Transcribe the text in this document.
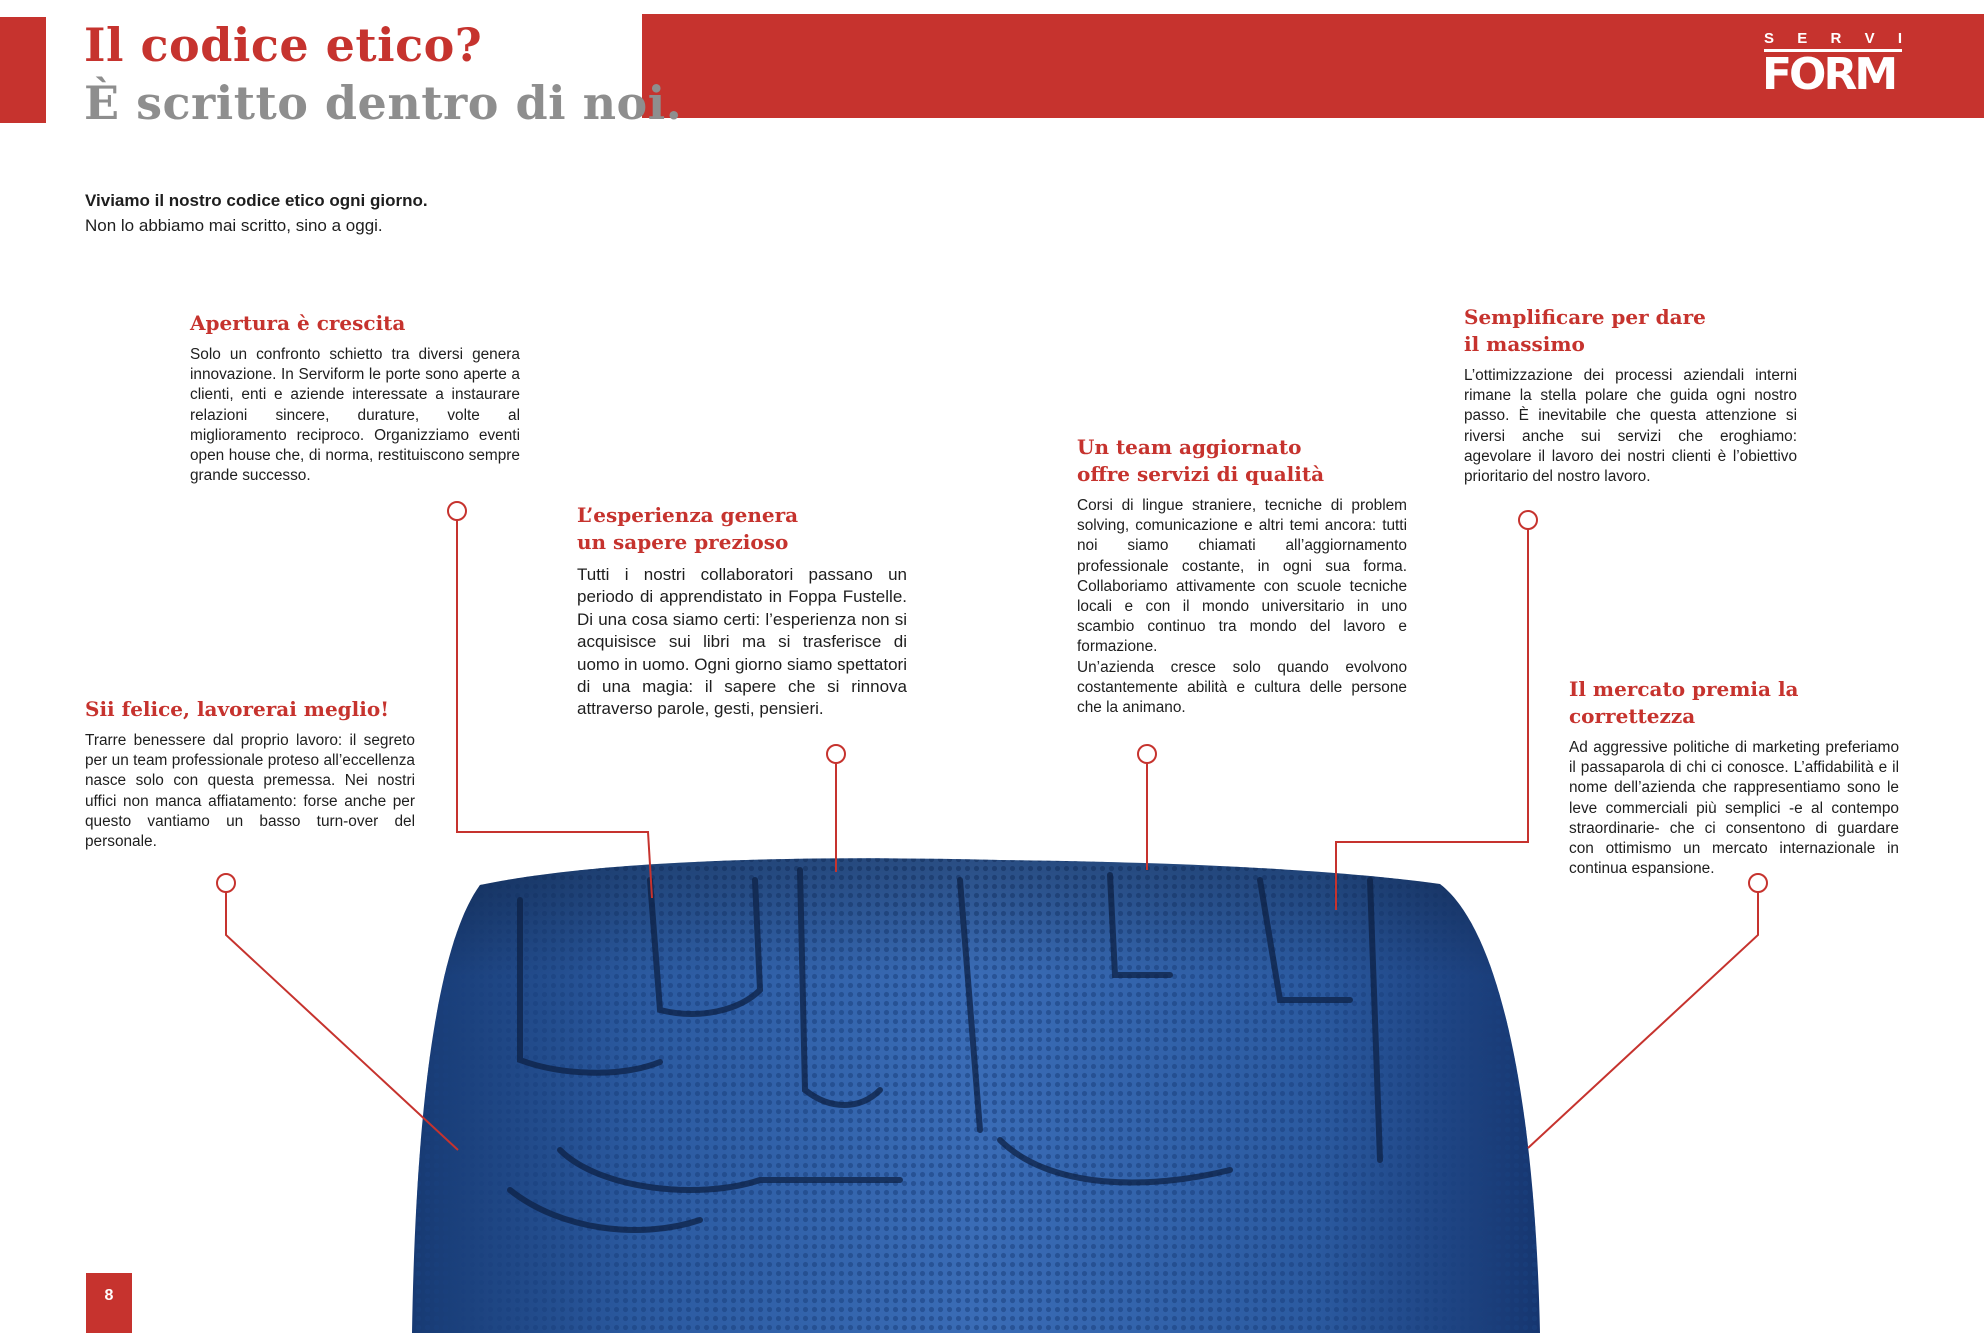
Il codice etico?
È scritto dentro di noi.
S E R V I
FORM
Viviamo il nostro codice etico ogni giorno.
Non lo abbiamo mai scritto, sino a oggi.
Apertura è crescita

Solo un confronto schietto tra diversi genera innovazione. In Serviform le porte sono aperte a clienti, enti e aziende interessate a instaurare relazioni sincere, durature, volte al miglioramento reciproco. Organizziamo eventi open house che, di norma, restituiscono sempre grande successo.

L’esperienza genera
un sapere prezioso

Tutti i nostri collaboratori passano un periodo di apprendistato in Foppa Fustelle. Di una cosa siamo certi: l’esperienza non si acquisisce sui libri ma si trasferisce di uomo in uomo. Ogni giorno siamo spettatori di una magia: il sapere che si rinnova attraverso parole, gesti, pensieri.

Un team aggiornato
offre servizi di qualità

Corsi di lingue straniere, tecniche di problem solving, comunicazione e altri temi ancora: tutti noi siamo chiamati all’aggiornamento professionale costante, in ogni sua forma. Collaboriamo attivamente con scuole tecniche locali e con il mondo universitario in uno scambio continuo tra mondo del lavoro e formazione.

Un’azienda cresce solo quando evolvono costantemente abilità e cultura delle persone che la animano.

Semplificare per dare
il massimo

L’ottimizzazione dei processi aziendali interni rimane la stella polare che guida ogni nostro passo. È inevitabile che questa attenzione si riversi anche sui servizi che eroghiamo: agevolare il lavoro dei nostri clienti è l’obiettivo prioritario del nostro lavoro.

Sii felice, lavorerai meglio!

Trarre benessere dal proprio lavoro: il segreto per un team professionale proteso all’eccellenza nasce solo con questa premessa. Nei nostri uffici non manca affiatamento: forse anche per questo vantiamo un basso turn-over del personale.

Il mercato premia la correttezza

Ad aggressive politiche di marketing preferiamo il passaparola di chi ci conosce. L’affidabilità e il nome dell’azienda che rappresentiamo sono le leve commerciali più semplici -e al contempo straordinarie- che ci consentono di guardare con ottimismo un mercato internazionale in continua espansione.

8
